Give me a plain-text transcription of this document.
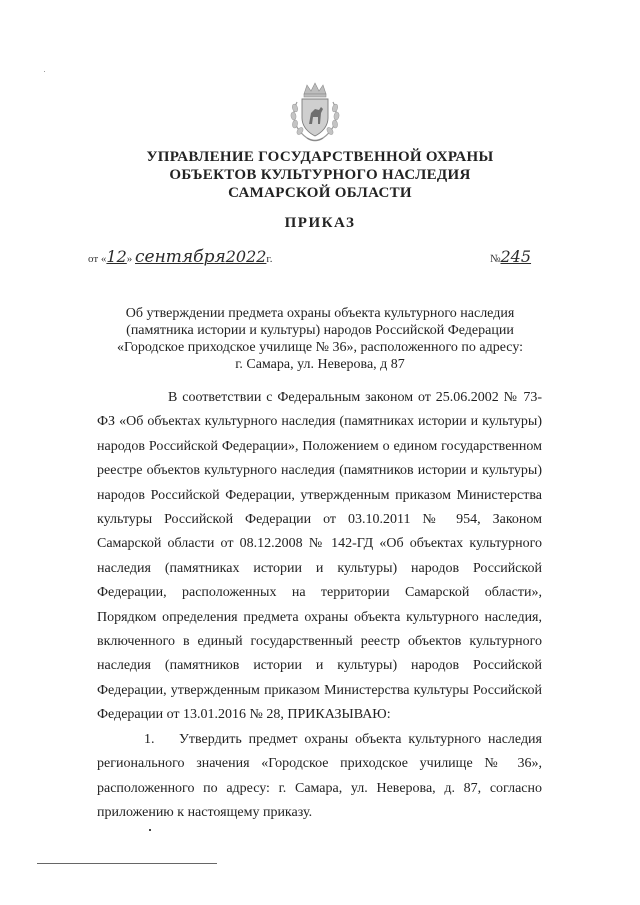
УПРАВЛЕНИЕ ГОСУДАРСТВЕННОЙ ОХРАНЫ
ОБЪЕКТОВ КУЛЬТУРНОГО НАСЛЕДИЯ
САМАРСКОЙ ОБЛАСТИ
ПРИКАЗ
от «12» сентября2022г.	№245
Об утверждении предмета охраны объекта культурного наследия
(памятника истории и культуры) народов Российской Федерации
«Городское приходское училище № 36», расположенного по адресу:
г. Самара, ул. Неверова, д 87

В соответствии с Федеральным законом от 25.06.2002 № 73-ФЗ «Об объектах культурного наследия (памятниках истории и культуры) народов Российской Федерации», Положением о едином государственном реестре объектов культурного наследия (памятников истории и культуры) народов Российской Федерации, утвержденным приказом Министерства культуры Российской Федерации от 03.10.2011 № 954, Законом Самарской области от 08.12.2008 № 142-ГД «Об объектах культурного наследия (памятниках истории и культуры) народов Российской Федерации, расположенных на территории Самарской области», Порядком определения предмета охраны объекта культурного наследия, включенного в единый государственный реестр объектов культурного наследия (памятников истории и культуры) народов Российской Федерации, утвержденным приказом Министерства культуры Российской Федерации от 13.01.2016 № 28, ПРИКАЗЫВАЮ:

1. Утвердить предмет охраны объекта культурного наследия регионального значения «Городское приходское училище № 36», расположенного по адресу: г. Самара, ул. Неверова, д. 87, согласно приложению к настоящему приказу.
